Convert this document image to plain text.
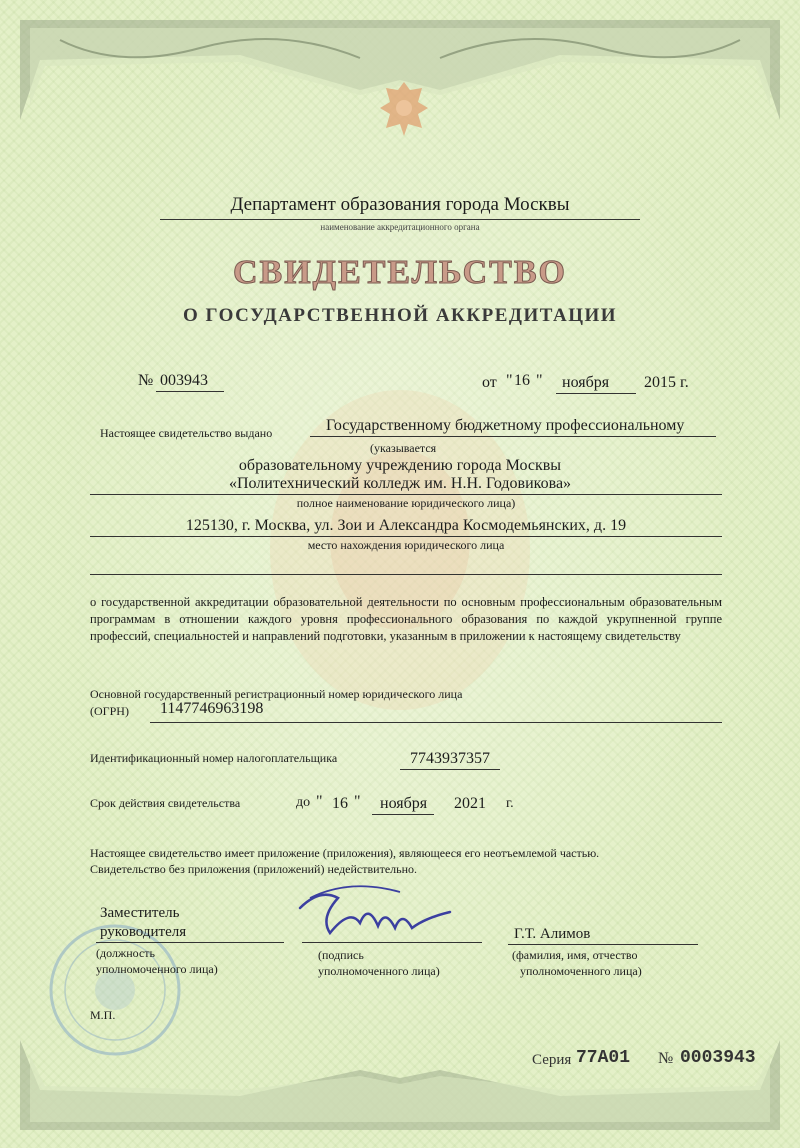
Департамент образования города Москвы
наименование аккредитационного органа
СВИДЕТЕЛЬСТВО
О ГОСУДАРСТВЕННОЙ АККРЕДИТАЦИИ
№ 003943	от 16
" " ноября 2015 г.
Настоящее свидетельство выдано	Государственному бюджетному профессиональному
(указывается
образовательному учреждению города Москвы
«Политехнический колледж им. Н.Н. Годовикова»
полное наименование юридического лица)
125130, г. Москва, ул. Зои и Александра Космодемьянских, д. 19
место нахождения юридического лица
о государственной аккредитации образовательной деятельности по основным профессиональным образовательным программам в отношении каждого уровня профессионального образования по каждой укрупненной группе профессий, специальностей и направлений подготовки, указанным в приложении к настоящему свидетельству
Основной государственный регистрационный номер юридического лица
(ОГРН) 1147746963198
Идентификационный номер налогоплательщика	7743937357
Срок действия свидетельства	до " 16 " ноября 2021 г.
Настоящее свидетельство имеет приложение (приложения), являющееся его неотъемлемой частью.
Свидетельство без приложения (приложений) недействительно.
Заместитель
руководителя
(должность
уполномоченного лица)
(подпись
уполномоченного лица)
Г.Т. Алимов
(фамилия, имя, отчество
уполномоченного лица)
М.П.
Серия 77А01 № 0003943
